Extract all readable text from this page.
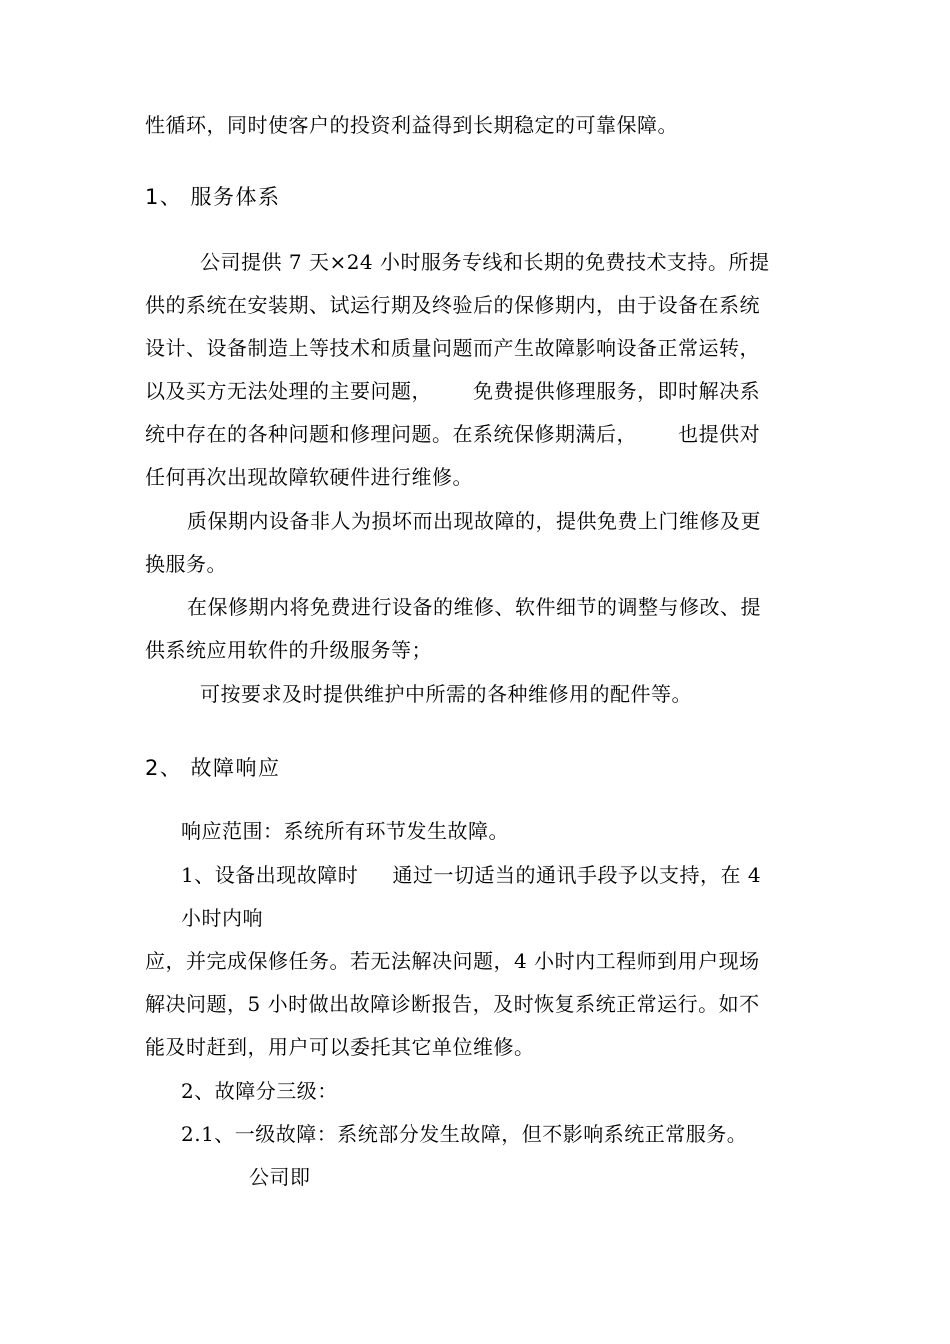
性循环，同时使客户的投资利益得到长期稳定的可靠保障。
1、 服务体系
公司提供 7 天×24 小时服务专线和长期的免费技术支持。所提
供的系统在安装期、试运行期及终验后的保修期内，由于设备在系统
设计、设备制造上等技术和质量问题而产生故障影响设备正常运转，
以及买方无法处理的主要问题，      免费提供修理服务，即时解决系
统中存在的各种问题和修理问题。在系统保修期满后，      也提供对
任何再次出现故障软硬件进行维修。
质保期内设备非人为损坏而出现故障的，提供免费上门维修及更
换服务。
在保修期内将免费进行设备的维修、软件细节的调整与修改、提
供系统应用软件的升级服务等；
可按要求及时提供维护中所需的各种维修用的配件等。
2、 故障响应
响应范围：系统所有环节发生故障。
1、设备出现故障时     通过一切适当的通讯手段予以支持，在 4
小时内响
应，并完成保修任务。若无法解决问题，4 小时内工程师到用户现场
解决问题，5 小时做出故障诊断报告，及时恢复系统正常运行。如不
能及时赶到，用户可以委托其它单位维修。
2、故障分三级：
2.1、一级故障：系统部分发生故障，但不影响系统正常服务。
公司即
